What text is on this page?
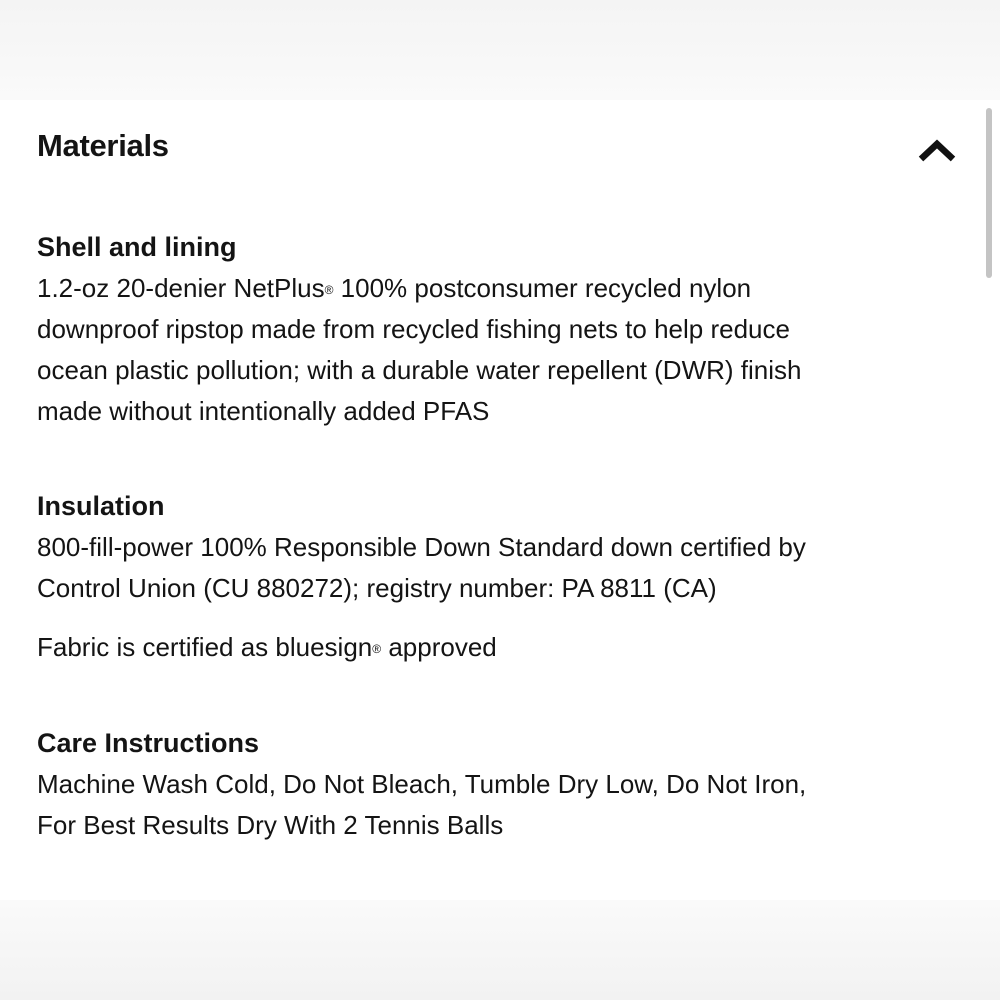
Materials
Shell and lining
1.2-oz 20-denier NetPlus® 100% postconsumer recycled nylon
downproof ripstop made from recycled fishing nets to help reduce
ocean plastic pollution; with a durable water repellent (DWR) finish
made without intentionally added PFAS
Insulation
800-fill-power 100% Responsible Down Standard down certified by
Control Union (CU 880272); registry number: PA 8811 (CA)
Fabric is certified as bluesign® approved
Care Instructions
Machine Wash Cold, Do Not Bleach, Tumble Dry Low, Do Not Iron,
For Best Results Dry With 2 Tennis Balls
